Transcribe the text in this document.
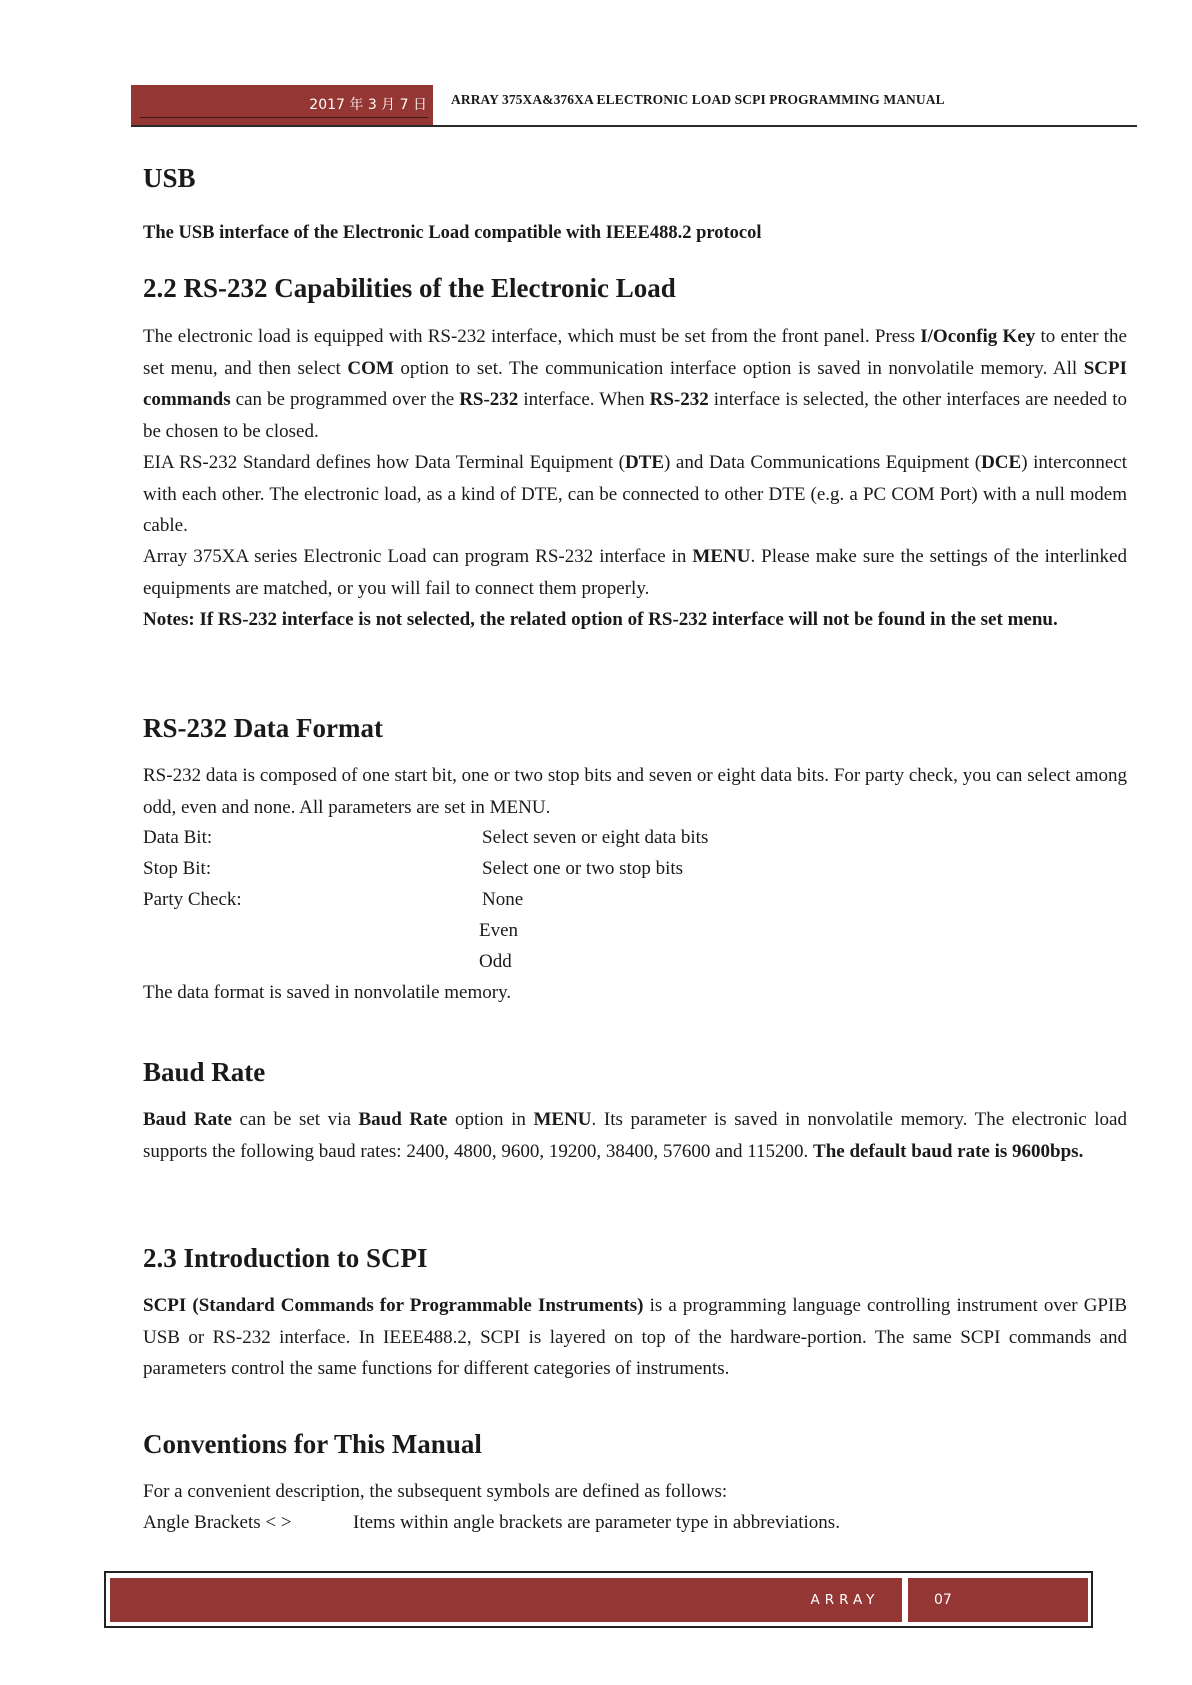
2017 年 3 月 7 日 ARRAY 375XA&376XA ELECTRONIC LOAD SCPI PROGRAMMING MANUAL
USB

The USB interface of the Electronic Load compatible with IEEE488.2 protocol

2.2 RS-232 Capabilities of the Electronic Load

The electronic load is equipped with RS-232 interface, which must be set from the front panel. Press I/Oconfig Key to enter the set menu, and then select COM option to set. The communication interface option is saved in nonvolatile memory. All SCPI commands can be programmed over the RS-232 interface. When RS-232 interface is selected, the other interfaces are needed to be chosen to be closed.

EIA RS-232 Standard defines how Data Terminal Equipment (DTE) and Data Communications Equipment (DCE) interconnect with each other. The electronic load, as a kind of DTE, can be connected to other DTE (e.g. a PC COM Port) with a null modem cable.

Array 375XA series Electronic Load can program RS-232 interface in MENU. Please make sure the settings of the interlinked equipments are matched, or you will fail to connect them properly.

Notes: If RS-232 interface is not selected, the related option of RS-232 interface will not be found in the set menu.

RS-232 Data Format

RS-232 data is composed of one start bit, one or two stop bits and seven or eight data bits. For party check, you can select among odd, even and none. All parameters are set in MENU.

Data Bit:	Select seven or eight data bits
Stop Bit:	Select one or two stop bits
Party Check:	None
Even
Odd
The data format is saved in nonvolatile memory.
Baud Rate

Baud Rate can be set via Baud Rate option in MENU. Its parameter is saved in nonvolatile memory. The electronic load supports the following baud rates: 2400, 4800, 9600, 19200, 38400, 57600 and 115200. The default baud rate is 9600bps.

2.3 Introduction to SCPI

SCPI (Standard Commands for Programmable Instruments) is a programming language controlling instrument over GPIB USB or RS-232 interface. In IEEE488.2, SCPI is layered on top of the hardware-portion. The same SCPI commands and parameters control the same functions for different categories of instruments.

Conventions for This Manual
For a convenient description, the subsequent symbols are defined as follows:
Angle Brackets < >	Items within angle brackets are parameter type in abbreviations.
ARRAY	07
